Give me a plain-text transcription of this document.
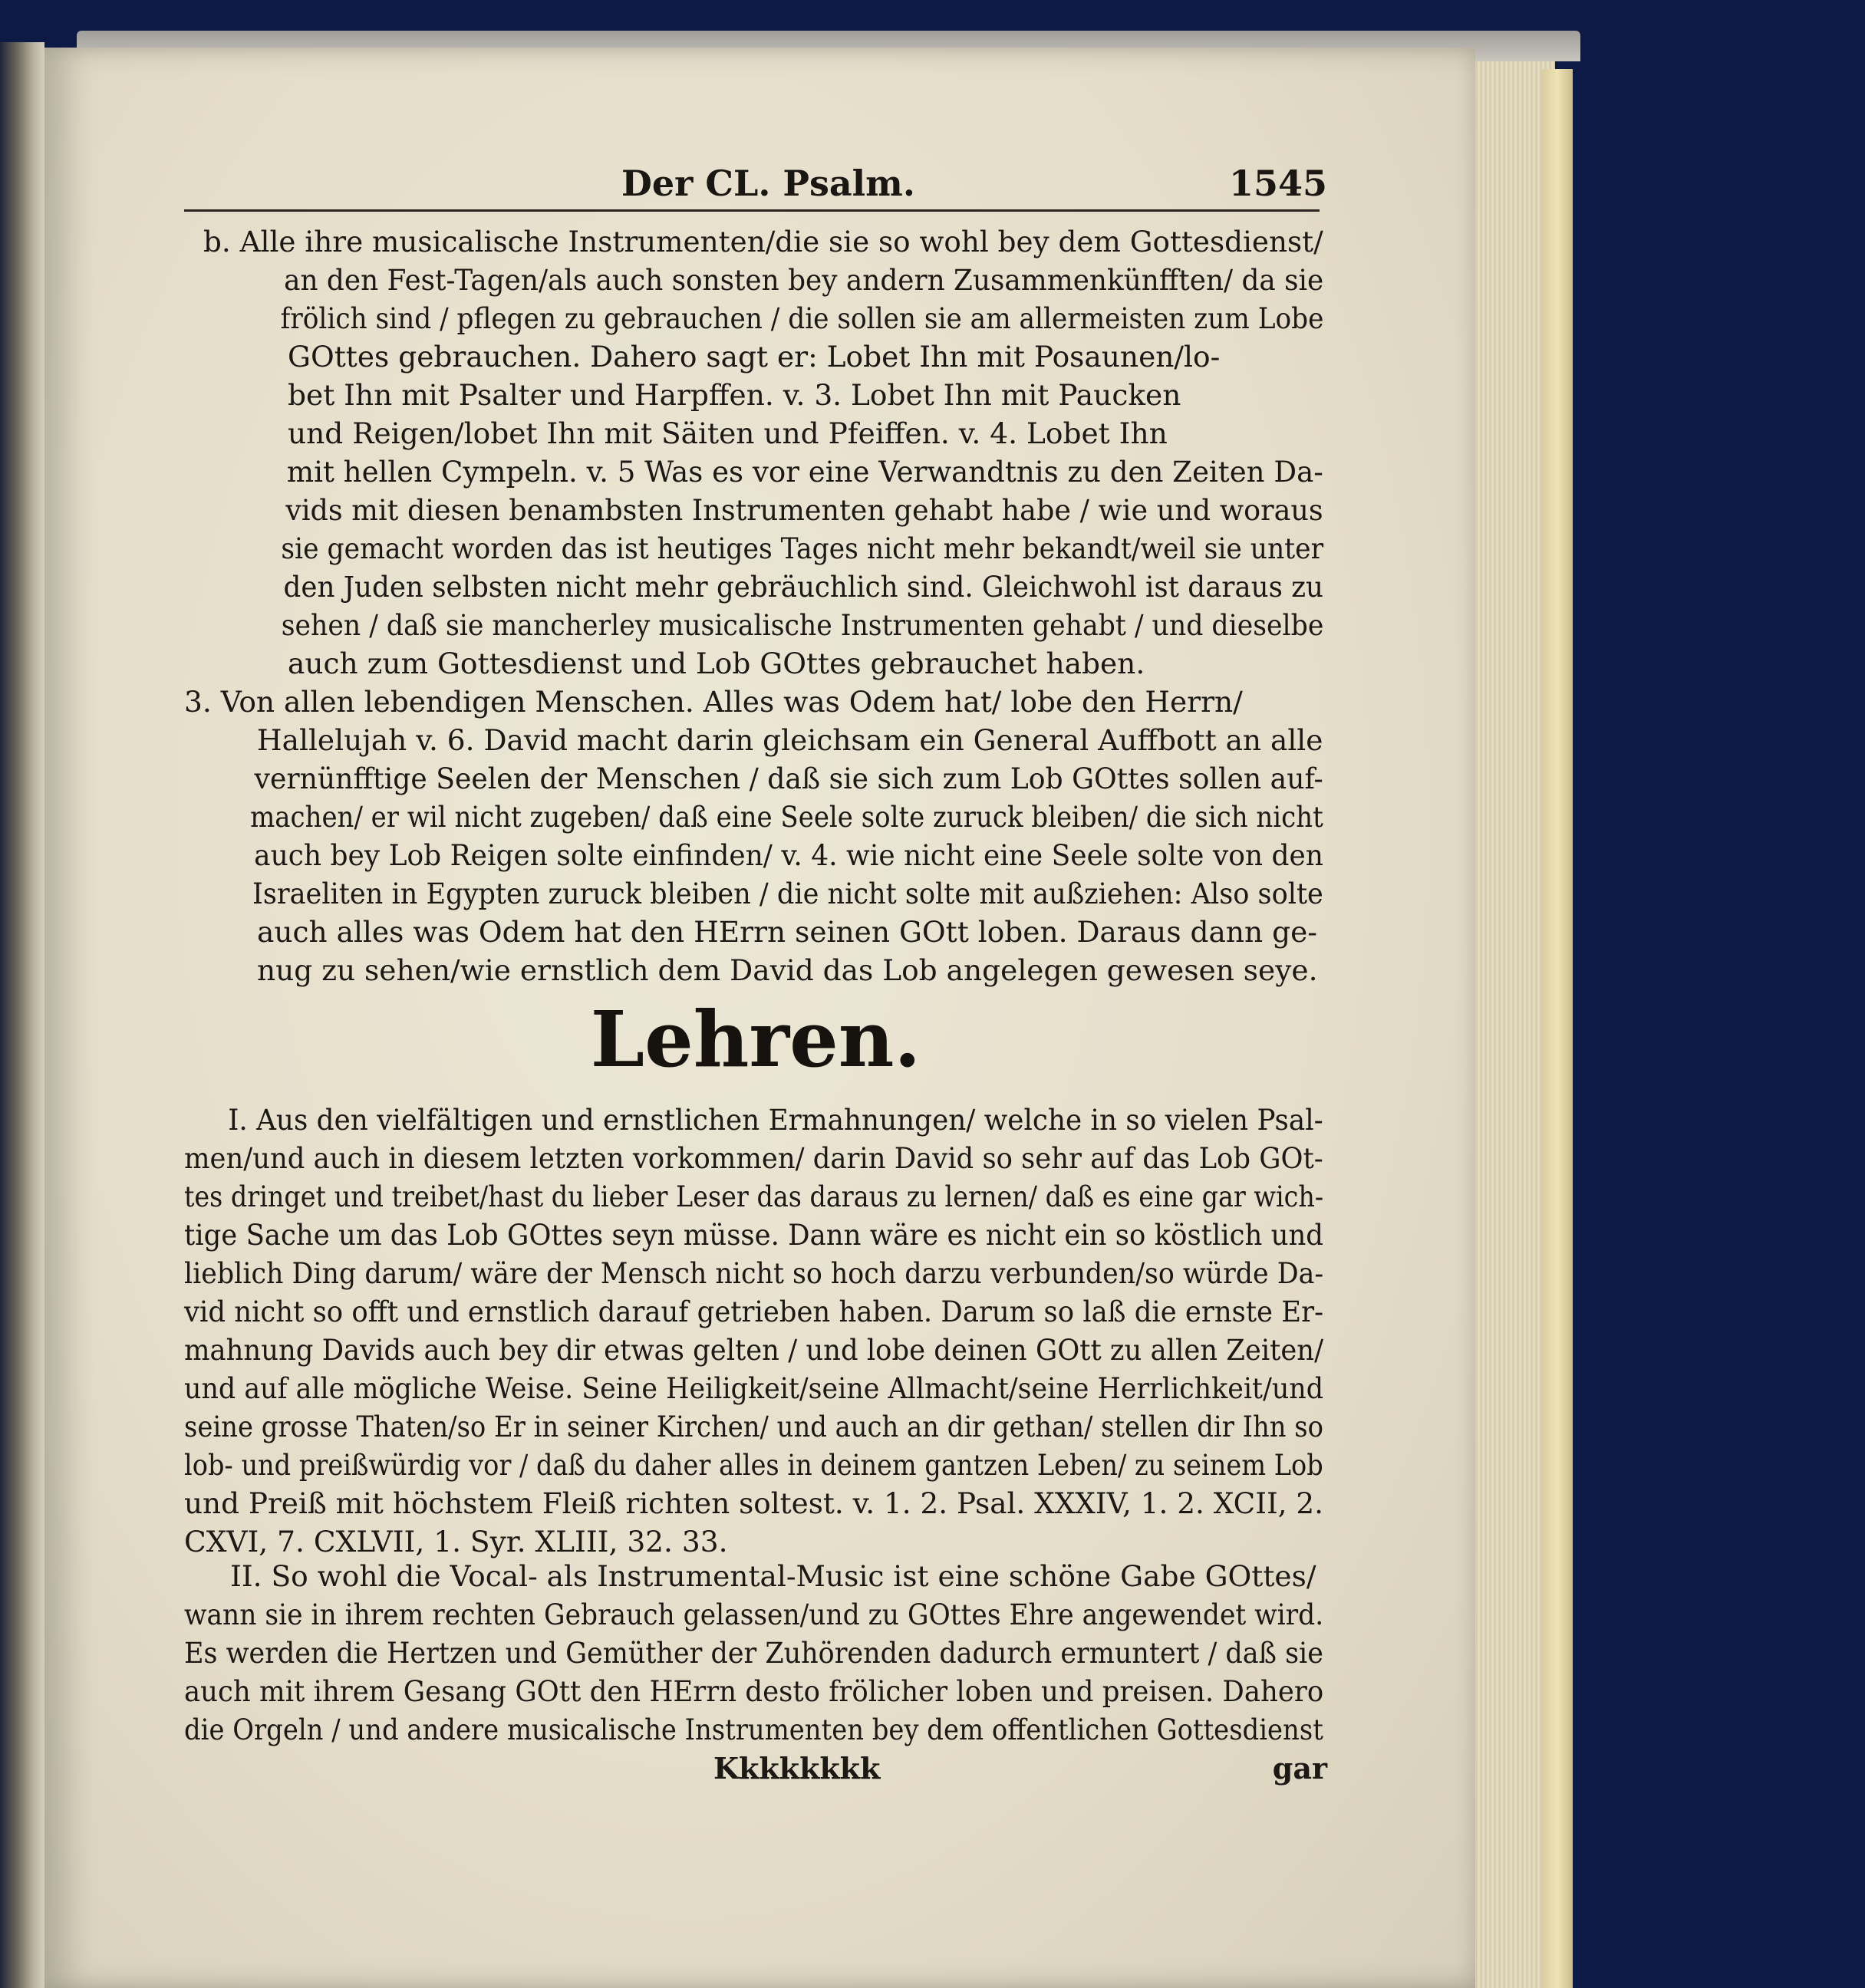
Der CL. Psalm.	1545
b. Alle ihre musicalische Instrumenten/die sie so wohl bey dem Gottesdienst/
an den Fest-Tagen/als auch sonsten bey andern Zusammenkünfften/ da sie
frölich sind / pflegen zu gebrauchen / die sollen sie am allermeisten zum Lobe
GOttes gebrauchen. Dahero sagt er: Lobet Ihn mit Posaunen/lo-
bet Ihn mit Psalter und Harpffen. v. 3. Lobet Ihn mit Paucken
und Reigen/lobet Ihn mit Säiten und Pfeiffen. v. 4. Lobet Ihn
mit hellen Cympeln. v. 5 Was es vor eine Verwandtnis zu den Zeiten Da-
vids mit diesen benambsten Instrumenten gehabt habe / wie und woraus
sie gemacht worden das ist heutiges Tages nicht mehr bekandt/weil sie unter
den Juden selbsten nicht mehr gebräuchlich sind. Gleichwohl ist daraus zu
sehen / daß sie mancherley musicalische Instrumenten gehabt / und dieselbe
auch zum Gottesdienst und Lob GOttes gebrauchet haben.
3. Von allen lebendigen Menschen. Alles was Odem hat/ lobe den Herrn/
Hallelujah v. 6. David macht darin gleichsam ein General Auffbott an alle
vernünfftige Seelen der Menschen / daß sie sich zum Lob GOttes sollen auf-
machen/ er wil nicht zugeben/ daß eine Seele solte zuruck bleiben/ die sich nicht
auch bey Lob Reigen solte einfinden/ v. 4. wie nicht eine Seele solte von den
Israeliten in Egypten zuruck bleiben / die nicht solte mit außziehen: Also solte
auch alles was Odem hat den HErrn seinen GOtt loben. Daraus dann ge-
nug zu sehen/wie ernstlich dem David das Lob angelegen gewesen seye.
Lehren.
I. Aus den vielfältigen und ernstlichen Ermahnungen/ welche in so vielen Psal-
men/und auch in diesem letzten vorkommen/ darin David so sehr auf das Lob GOt-
tes dringet und treibet/hast du lieber Leser das daraus zu lernen/ daß es eine gar wich-
tige Sache um das Lob GOttes seyn müsse. Dann wäre es nicht ein so köstlich und
lieblich Ding darum/ wäre der Mensch nicht so hoch darzu verbunden/so würde Da-
vid nicht so offt und ernstlich darauf getrieben haben. Darum so laß die ernste Er-
mahnung Davids auch bey dir etwas gelten / und lobe deinen GOtt zu allen Zeiten/
und auf alle mögliche Weise. Seine Heiligkeit/seine Allmacht/seine Herrlichkeit/und
seine grosse Thaten/so Er in seiner Kirchen/ und auch an dir gethan/ stellen dir Ihn so
lob- und preißwürdig vor / daß du daher alles in deinem gantzen Leben/ zu seinem Lob
und Preiß mit höchstem Fleiß richten soltest. v. 1. 2. Psal. XXXIV, 1. 2. XCII, 2.
CXVI, 7. CXLVII, 1. Syr. XLIII, 32. 33.
II. So wohl die Vocal- als Instrumental-Music ist eine schöne Gabe GOttes/
wann sie in ihrem rechten Gebrauch gelassen/und zu GOttes Ehre angewendet wird.
Es werden die Hertzen und Gemüther der Zuhörenden dadurch ermuntert / daß sie
auch mit ihrem Gesang GOtt den HErrn desto frölicher loben und preisen. Dahero
die Orgeln / und andere musicalische Instrumenten bey dem offentlichen Gottesdienst
Kkkkkkkk	gar
